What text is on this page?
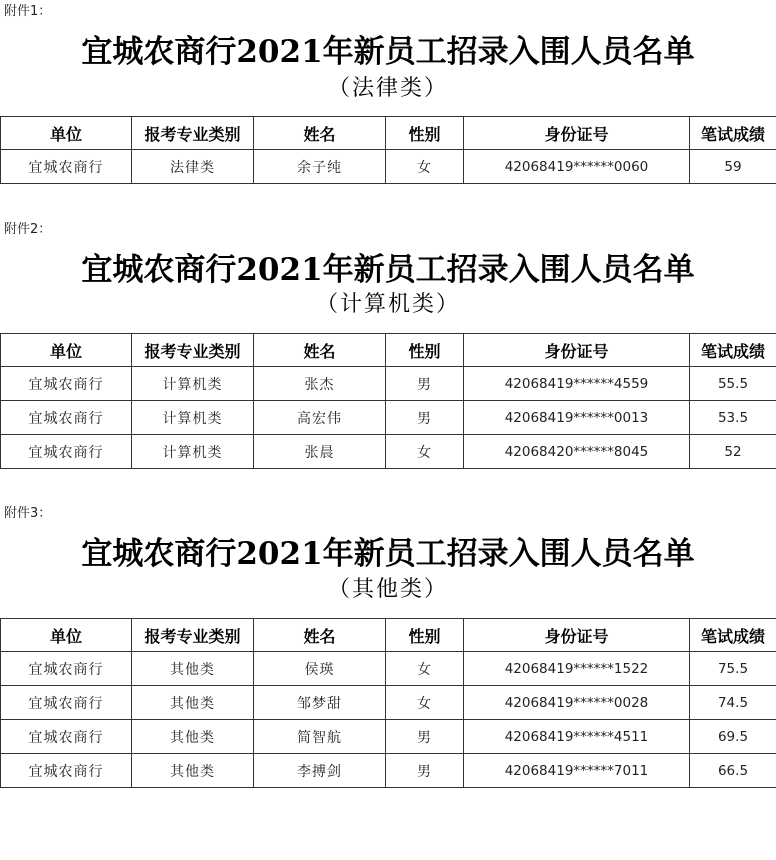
附件1：
宜城农商行2021年新员工招录入围人员名单
（法律类）
单位	报考专业类别	姓名	性别	身份证号	笔试成绩
宜城农商行	法律类	余子纯	女	42068419******0060	59
附件2：
宜城农商行2021年新员工招录入围人员名单
（计算机类）
单位	报考专业类别	姓名	性别	身份证号	笔试成绩
宜城农商行	计算机类	张杰	男	42068419******4559	55.5
宜城农商行	计算机类	高宏伟	男	42068419******0013	53.5
宜城农商行	计算机类	张晨	女	42068420******8045	52
附件3：
宜城农商行2021年新员工招录入围人员名单
（其他类）
单位	报考专业类别	姓名	性别	身份证号	笔试成绩
宜城农商行	其他类	侯瑛	女	42068419******1522	75.5
宜城农商行	其他类	邹梦甜	女	42068419******0028	74.5
宜城农商行	其他类	简智航	男	42068419******4511	69.5
宜城农商行	其他类	李搏剑	男	42068419******7011	66.5
